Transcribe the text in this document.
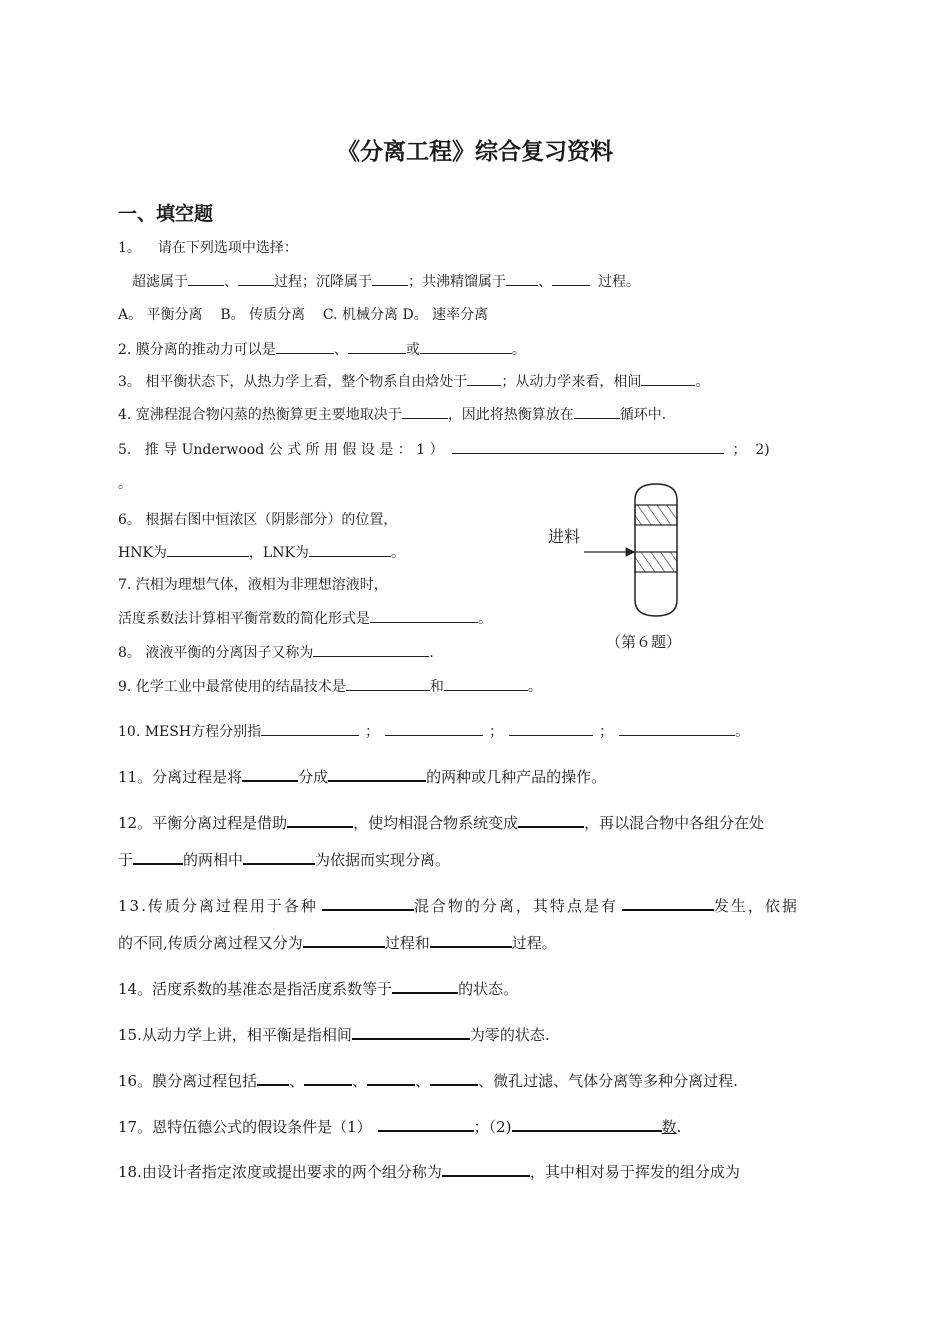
《分离工程》综合复习资料
一、填空题
1。 请在下列选项中选择：
超滤属于	、	过程；沉降属于	；共沸精馏属于 、	过程。
A。 平衡分离    B。 传质分离    C. 机械分离 D。 速率分离
2. 膜分离的推动力可以是	、	或	。
3。 相平衡状态下，从热力学上看，整个物系自由焓处于 ；从动力学来看，相间	。
4. 宽沸程混合物闪蒸的热衡算更主要地取决于	，因此将热衡算放在	循环中.
5.   推 导 Underwood 公 式 所 用 假 设 是 ： 1 ）	；  2)
。
6。 根据右图中恒浓区（阴影部分）的位置，
HNK为	，LNK为	。
7. 汽相为理想气体，液相为非理想溶液时，
活度系数法计算相平衡常数的简化形式是	。
8。 液液平衡的分离因子又称为	.
9. 化学工业中最常使用的结晶技术是	和	。
10. MESH方程分别指	；	；	；	。
11。分离过程是将	分成	的两种或几种产品的操作。
12。平衡分离过程是借助	，使均相混合物系统变成	，再以混合物中各组分在处
于	的两相中	为依据而实现分离。
13.传质分离过程用于各种	混合物的分离，其特点是有	发生，依据
的不同,传质分离过程又分为	过程和	过程。
14。活度系数的基准态是指活度系数等于	的状态。
15.从动力学上讲，相平衡是指相间	为零的状态.
16。膜分离过程包括 、	、	、	、微孔过滤、气体分离等多种分离过程.
17。恩特伍德公式的假设条件是（1）	；（2)	数.
18.由设计者指定浓度或提出要求的两个组分称为	，其中相对易于挥发的组分成为
进料
（第６题）
